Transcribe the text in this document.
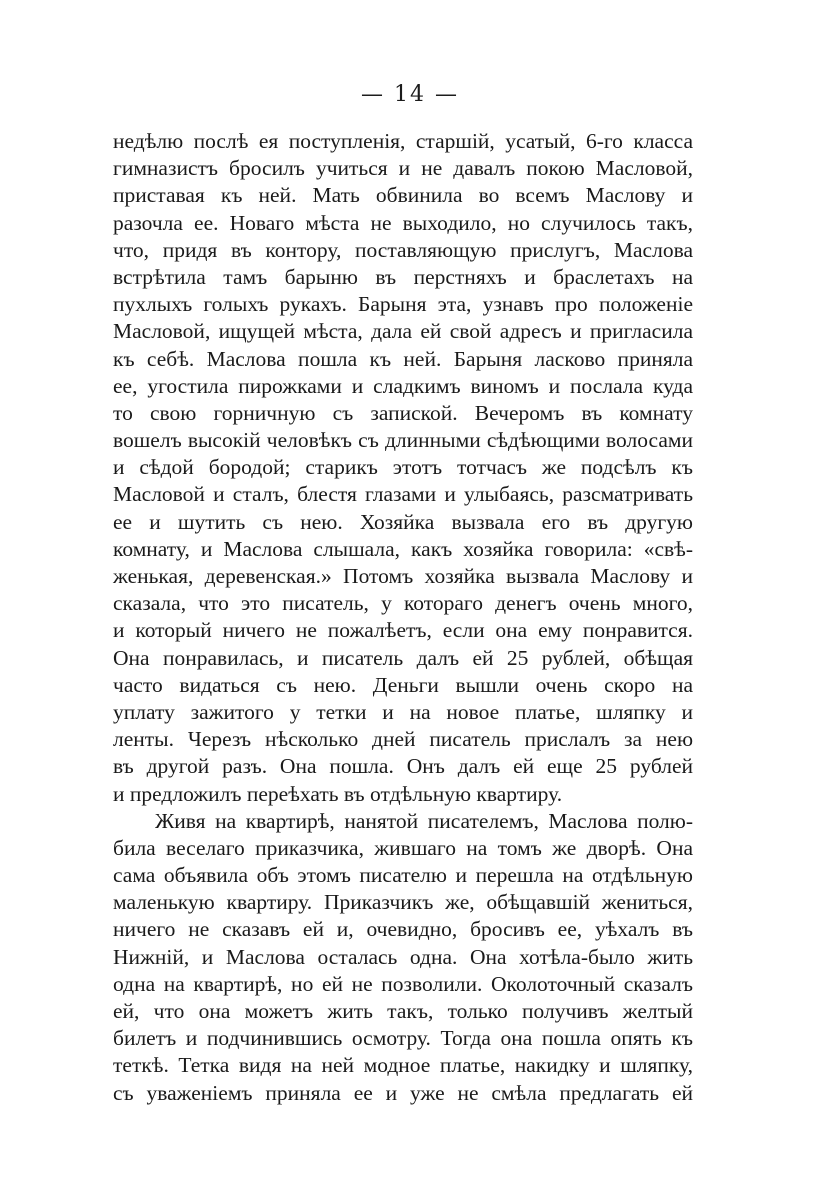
— 14 —
недѣлю послѣ ея поступленія, старшій, усатый, 6-го класса
гимназистъ бросилъ учиться и не давалъ покою Масловой,
приставая къ ней. Мать обвинила во всемъ Маслову и
разочла ее. Новаго мѣста не выходило, но случилось такъ,
что, придя въ контору, поставляющую прислугъ, Маслова
встрѣтила тамъ барыню въ перстняхъ и браслетахъ на
пухлыхъ голыхъ рукахъ. Барыня эта, узнавъ про положеніе
Масловой, ищущей мѣста, дала ей свой адресъ и пригласила
къ себѣ. Маслова пошла къ ней. Барыня ласково приняла
ее, угостила пирожками и сладкимъ виномъ и послала куда
то свою горничную съ запиской. Вечеромъ въ комнату
вошелъ высокій человѣкъ съ длинными сѣдѣющими волосами
и сѣдой бородой; старикъ этотъ тотчасъ же подсѣлъ къ
Масловой и сталъ, блестя глазами и улыбаясь, разсматривать
ее и шутить съ нею. Хозяйка вызвала его въ другую
комнату, и Маслова слышала, какъ хозяйка говорила: «свѣ-
женькая, деревенская.» Потомъ хозяйка вызвала Маслову и
сказала, что это писатель, у котораго денегъ очень много,
и который ничего не пожалѣетъ, если она ему понравится.
Она понравилась, и писатель далъ ей 25 рублей, обѣщая
часто видаться съ нею. Деньги вышли очень скоро на
уплату зажитого у тетки и на новое платье, шляпку и
ленты. Черезъ нѣсколько дней писатель прислалъ за нею
въ другой разъ. Она пошла. Онъ далъ ей еще 25 рублей
и предложилъ переѣхать въ отдѣльную квартиру.
Живя на квартирѣ, нанятой писателемъ, Маслова полю-
била веселаго приказчика, жившаго на томъ же дворѣ. Она
сама объявила объ этомъ писателю и перешла на отдѣльную
маленькую квартиру. Приказчикъ же, обѣщавшій жениться,
ничего не сказавъ ей и, очевидно, бросивъ ее, уѣхалъ въ
Нижній, и Маслова осталась одна. Она хотѣла-было жить
одна на квартирѣ, но ей не позволили. Околоточный сказалъ
ей, что она можетъ жить такъ, только получивъ желтый
билетъ и подчинившись осмотру. Тогда она пошла опять къ
теткѣ. Тетка видя на ней модное платье, накидку и шляпку,
съ уваженіемъ приняла ее и уже не смѣла предлагать ей
